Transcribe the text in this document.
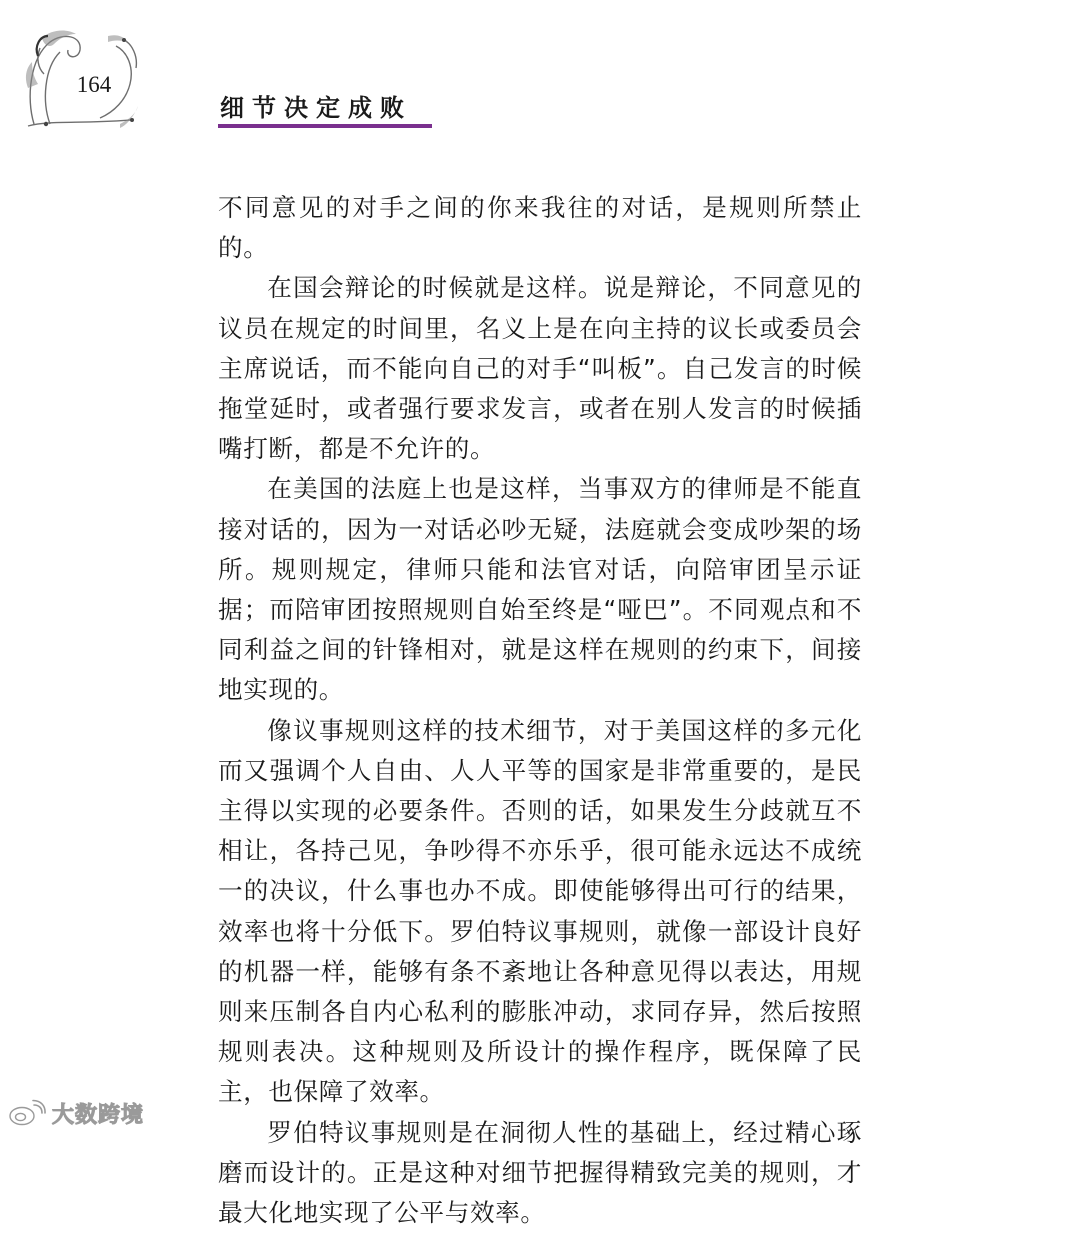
164
细节决定成败

不同意见的对手之间的你来我往的对话，是规则所禁止的。

在国会辩论的时候就是这样。说是辩论，不同意见的议员在规定的时间里，名义上是在向主持的议长或委员会主席说话，而不能向自己的对手“叫板”。自己发言的时候拖堂延时，或者强行要求发言，或者在别人发言的时候插嘴打断，都是不允许的。

在美国的法庭上也是这样，当事双方的律师是不能直接对话的，因为一对话必吵无疑，法庭就会变成吵架的场所。规则规定，律师只能和法官对话，向陪审团呈示证据；而陪审团按照规则自始至终是“哑巴”。不同观点和不同利益之间的针锋相对，就是这样在规则的约束下，间接地实现的。

像议事规则这样的技术细节，对于美国这样的多元化而又强调个人自由、人人平等的国家是非常重要的，是民主得以实现的必要条件。否则的话，如果发生分歧就互不相让，各持己见，争吵得不亦乐乎，很可能永远达不成统一的决议，什么事也办不成。即使能够得出可行的结果，效率也将十分低下。罗伯特议事规则，就像一部设计良好的机器一样，能够有条不紊地让各种意见得以表达，用规则来压制各自内心私利的膨胀冲动，求同存异，然后按照规则表决。这种规则及所设计的操作程序，既保障了民主，也保障了效率。

罗伯特议事规则是在洞彻人性的基础上，经过精心琢磨而设计的。正是这种对细节把握得精致完美的规则，才最大化地实现了公平与效率。

大数跨境
